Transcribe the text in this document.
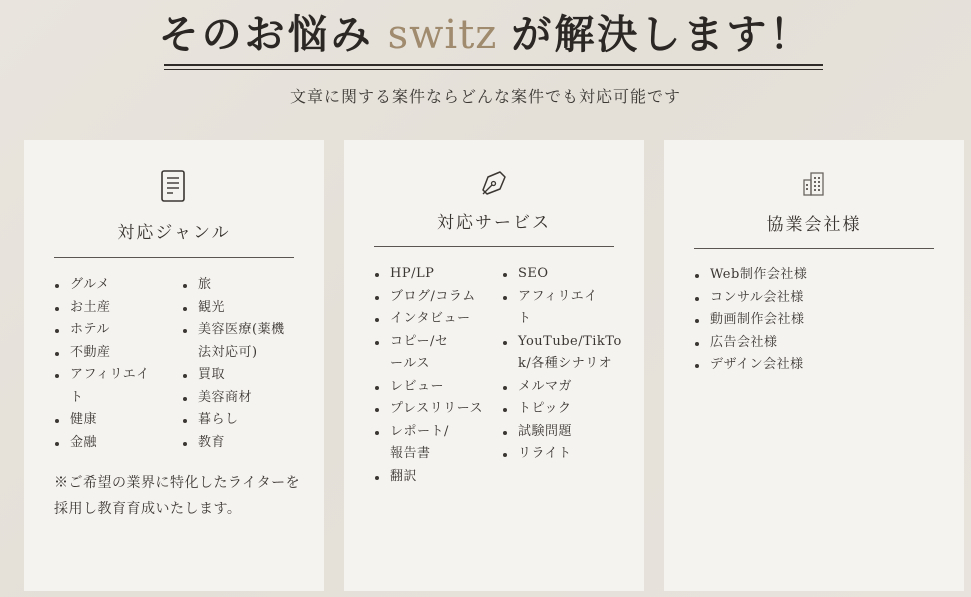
そのお悩み switz が解決します！
文章に関する案件ならどんな案件でも対応可能です
対応ジャンル
グルメ
お土産
ホテル
不動産
アフィリエイト
健康
金融
旅
観光
美容医療(薬機法対応可)
買取
美容商材
暮らし
教育
※ご希望の業界に特化したライターを採用し教育育成いたします。
対応サービス
HP/LP
ブログ/コラム
インタビュー
コピー/セールス
レビュー
プレスリリース
レポート/報告書
翻訳
SEO
アフィリエイト
YouTube/TikTok/各種シナリオ
メルマガ
トピック
試験問題
リライト
協業会社様
Web制作会社様
コンサル会社様
動画制作会社様
広告会社様
デザイン会社様
